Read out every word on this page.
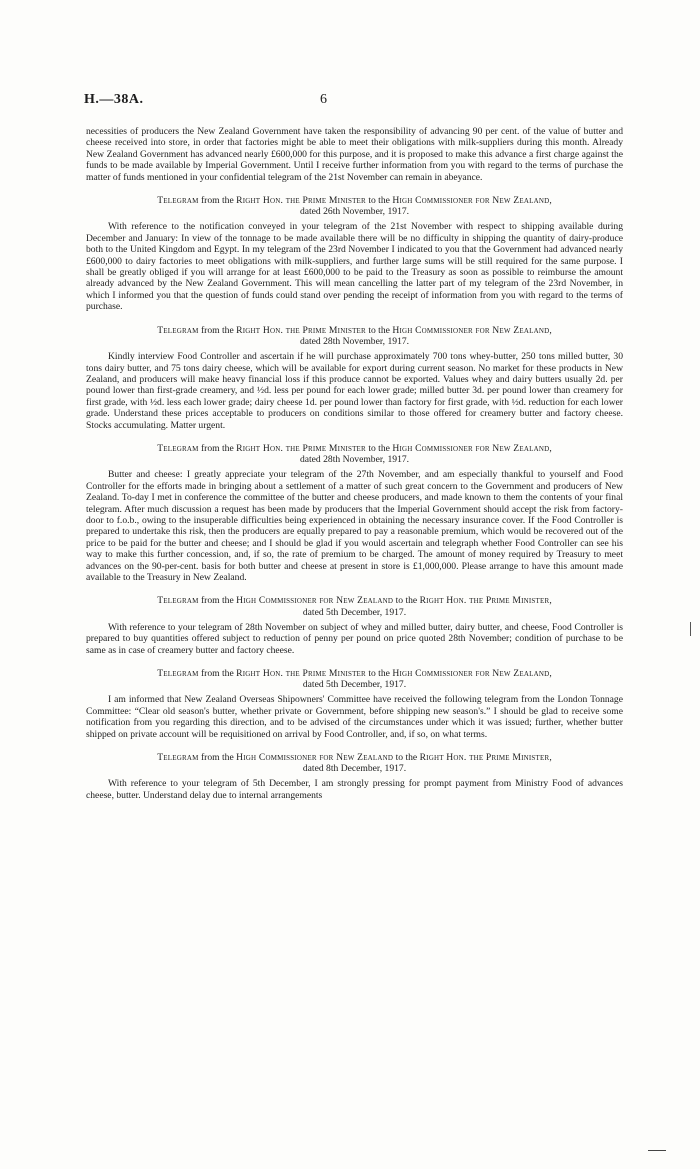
H.—38A.	6

necessities of producers the New Zealand Government have taken the responsibility of advancing 90 per cent. of the value of butter and cheese received into store, in order that factories might be able to meet their obligations with milk-suppliers during this month. Already New Zealand Government has advanced nearly £600,000 for this purpose, and it is proposed to make this advance a first charge against the funds to be made available by Imperial Government. Until I receive further information from you with regard to the terms of purchase the matter of funds mentioned in your confidential telegram of the 21st November can remain in abeyance.

Telegram from the Right Hon. the Prime Minister to the High Commissioner for New Zealand,
dated 26th November, 1917.

With reference to the notification conveyed in your telegram of the 21st November with respect to shipping available during December and January: In view of the tonnage to be made available there will be no difficulty in shipping the quantity of dairy-produce both to the United Kingdom and Egypt. In my telegram of the 23rd November I indicated to you that the Government had advanced nearly £600,000 to dairy factories to meet obligations with milk-suppliers, and further large sums will be still required for the same purpose. I shall be greatly obliged if you will arrange for at least £600,000 to be paid to the Treasury as soon as possible to reimburse the amount already advanced by the New Zealand Government. This will mean cancelling the latter part of my telegram of the 23rd November, in which I informed you that the question of funds could stand over pending the receipt of information from you with regard to the terms of purchase.

Telegram from the Right Hon. the Prime Minister to the High Commissioner for New Zealand,
dated 28th November, 1917.

Kindly interview Food Controller and ascertain if he will purchase approximately 700 tons whey-butter, 250 tons milled butter, 30 tons dairy butter, and 75 tons dairy cheese, which will be available for export during current season. No market for these products in New Zealand, and producers will make heavy financial loss if this produce cannot be exported. Values whey and dairy butters usually 2d. per pound lower than first-grade creamery, and ½d. less per pound for each lower grade; milled butter 3d. per pound lower than creamery for first grade, with ½d. less each lower grade; dairy cheese 1d. per pound lower than factory for first grade, with ½d. reduction for each lower grade. Understand these prices acceptable to producers on conditions similar to those offered for creamery butter and factory cheese. Stocks accumulating. Matter urgent.

Telegram from the Right Hon. the Prime Minister to the High Commissioner for New Zealand,
dated 28th November, 1917.

Butter and cheese: I greatly appreciate your telegram of the 27th November, and am especially thankful to yourself and Food Controller for the efforts made in bringing about a settlement of a matter of such great concern to the Government and producers of New Zealand. To-day I met in conference the committee of the butter and cheese producers, and made known to them the contents of your final telegram. After much discussion a request has been made by producers that the Imperial Government should accept the risk from factory-door to f.o.b., owing to the insuperable difficulties being experienced in obtaining the necessary insurance cover. If the Food Controller is prepared to undertake this risk, then the producers are equally prepared to pay a reasonable premium, which would be recovered out of the price to be paid for the butter and cheese; and I should be glad if you would ascertain and telegraph whether Food Controller can see his way to make this further concession, and, if so, the rate of premium to be charged. The amount of money required by Treasury to meet advances on the 90-per-cent. basis for both butter and cheese at present in store is £1,000,000. Please arrange to have this amount made available to the Treasury in New Zealand.

Telegram from the High Commissioner for New Zealand to the Right Hon. the Prime Minister,
dated 5th December, 1917.

With reference to your telegram of 28th November on subject of whey and milled butter, dairy butter, and cheese, Food Controller is prepared to buy quantities offered subject to reduction of penny per pound on price quoted 28th November; condition of purchase to be same as in case of creamery butter and factory cheese.

Telegram from the Right Hon. the Prime Minister to the High Commissioner for New Zealand,
dated 5th December, 1917.

I am informed that New Zealand Overseas Shipowners' Committee have received the following telegram from the London Tonnage Committee: “Clear old season's butter, whether private or Government, before shipping new season's.” I should be glad to receive some notification from you regarding this direction, and to be advised of the circumstances under which it was issued; further, whether butter shipped on private account will be requisitioned on arrival by Food Controller, and, if so, on what terms.

Telegram from the High Commissioner for New Zealand to the Right Hon. the Prime Minister,
dated 8th December, 1917.

With reference to your telegram of 5th December, I am strongly pressing for prompt payment from Ministry Food of advances cheese, butter. Understand delay due to internal arrangements
